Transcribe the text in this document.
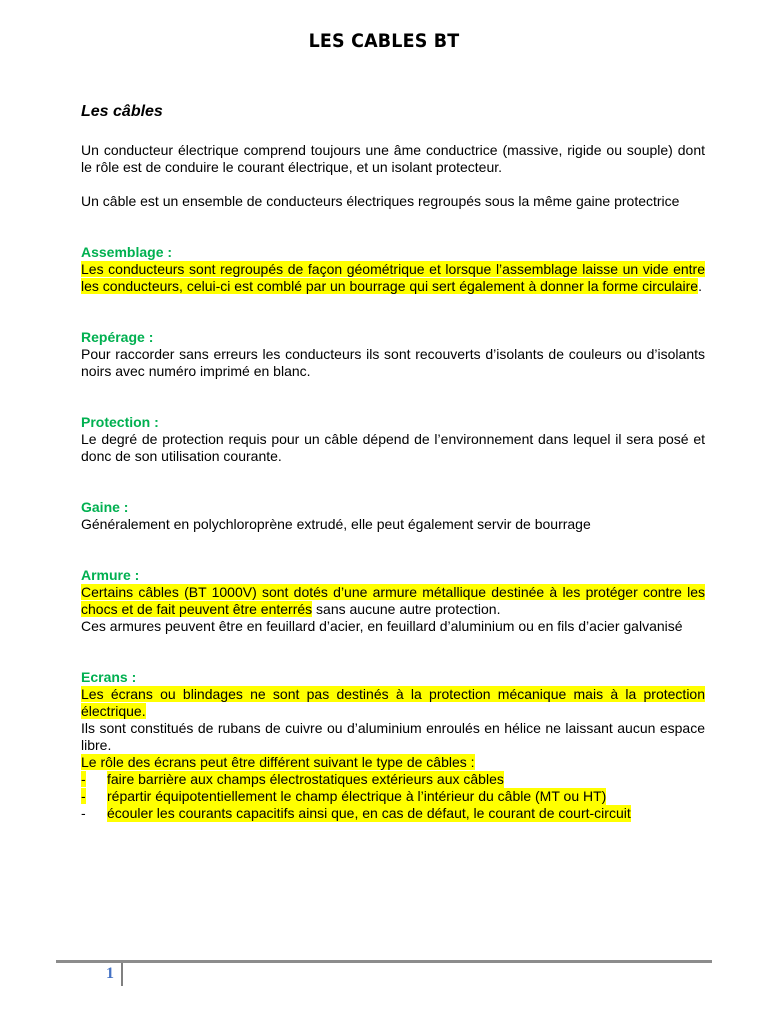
LES CABLES BT
Les câbles

Un conducteur électrique comprend toujours une âme conductrice (massive, rigide ou souple) dont le rôle est de conduire le courant électrique, et un isolant protecteur.

Un câble est un ensemble de conducteurs électriques regroupés sous la même gaine protectrice

Assemblage :

Les conducteurs sont regroupés de façon géométrique et lorsque l’assemblage laisse un vide entre les conducteurs, celui-ci est comblé par un bourrage qui sert également à donner la forme circulaire.

Repérage :

Pour raccorder sans erreurs les conducteurs ils sont recouverts d’isolants de couleurs ou d’isolants noirs avec numéro imprimé en blanc.

Protection :

Le degré de protection requis pour un câble dépend de l’environnement dans lequel il sera posé et donc de son utilisation courante.

Gaine :

Généralement en polychloroprène extrudé, elle peut également servir de bourrage

Armure :

Certains câbles (BT 1000V) sont dotés d’une armure métallique destinée à les protéger contre les chocs et de fait peuvent être enterrés sans aucune autre protection.

Ces armures peuvent être en feuillard d’acier, en feuillard d’aluminium ou en fils d’acier galvanisé

Ecrans :

Les écrans ou blindages ne sont pas destinés à la protection mécanique mais à la protection électrique.

Ils sont constitués de rubans de cuivre ou d’aluminium enroulés en hélice ne laissant aucun espace libre.

Le rôle des écrans peut être différent suivant le type de câbles :

-	faire barrière aux champs électrostatiques extérieurs aux câbles
-	répartir équipotentiellement le champ électrique à l’intérieur du câble (MT ou HT)
-	écouler les courants capacitifs ainsi que, en cas de défaut, le courant de court-circuit
1
